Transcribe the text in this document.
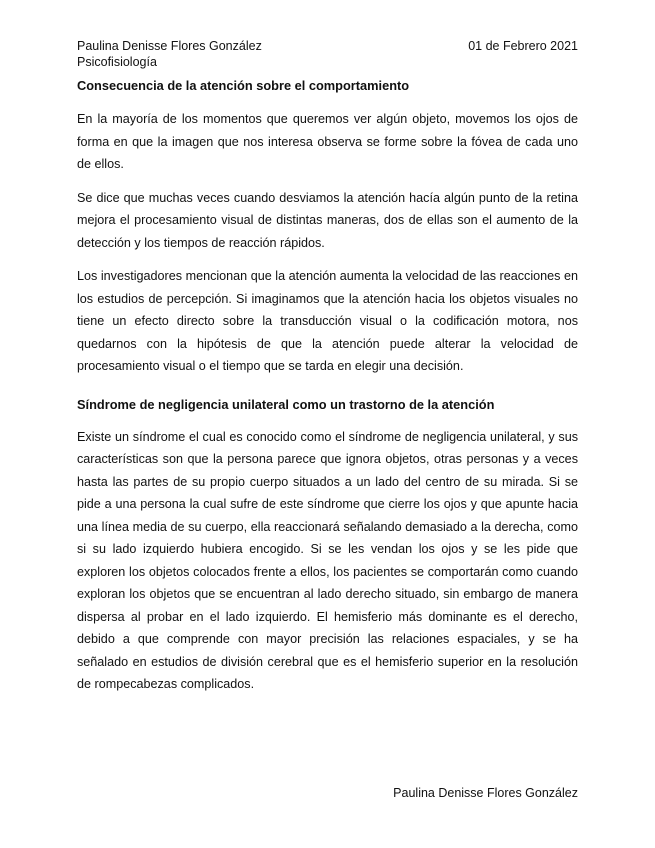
Paulina Denisse Flores González	01 de Febrero 2021
Psicofisiología
Consecuencia de la atención sobre el comportamiento

En la mayoría de los momentos que queremos ver algún objeto, movemos los ojos de forma en que la imagen que nos interesa observa se forme sobre la fóvea de cada uno de ellos.

Se dice que muchas veces cuando desviamos la atención hacía algún punto de la retina mejora el procesamiento visual de distintas maneras, dos de ellas son el aumento de la detección y los tiempos de reacción rápidos.

Los investigadores mencionan que la atención aumenta la velocidad de las reacciones en los estudios de percepción. Si imaginamos que la atención hacia los objetos visuales no tiene un efecto directo sobre la transducción visual o la codificación motora, nos quedarnos con la hipótesis de que la atención puede alterar la velocidad de procesamiento visual o el tiempo que se tarda en elegir una decisión.

Síndrome de negligencia unilateral como un trastorno de la atención

Existe un síndrome el cual es conocido como el síndrome de negligencia unilateral, y sus características son que la persona parece que ignora objetos, otras personas y a veces hasta las partes de su propio cuerpo situados a un lado del centro de su mirada. Si se pide a una persona la cual sufre de este síndrome que cierre los ojos y que apunte hacia una línea media de su cuerpo, ella reaccionará señalando demasiado a la derecha, como si su lado izquierdo hubiera encogido. Si se les vendan los ojos y se les pide que exploren los objetos colocados frente a ellos, los pacientes se comportarán como cuando exploran los objetos que se encuentran al lado derecho situado, sin embargo de manera dispersa al probar en el lado izquierdo. El hemisferio más dominante es el derecho, debido a que comprende con mayor precisión las relaciones espaciales, y se ha señalado en estudios de división cerebral que es el hemisferio superior en la resolución de rompecabezas complicados.

Paulina Denisse Flores González
